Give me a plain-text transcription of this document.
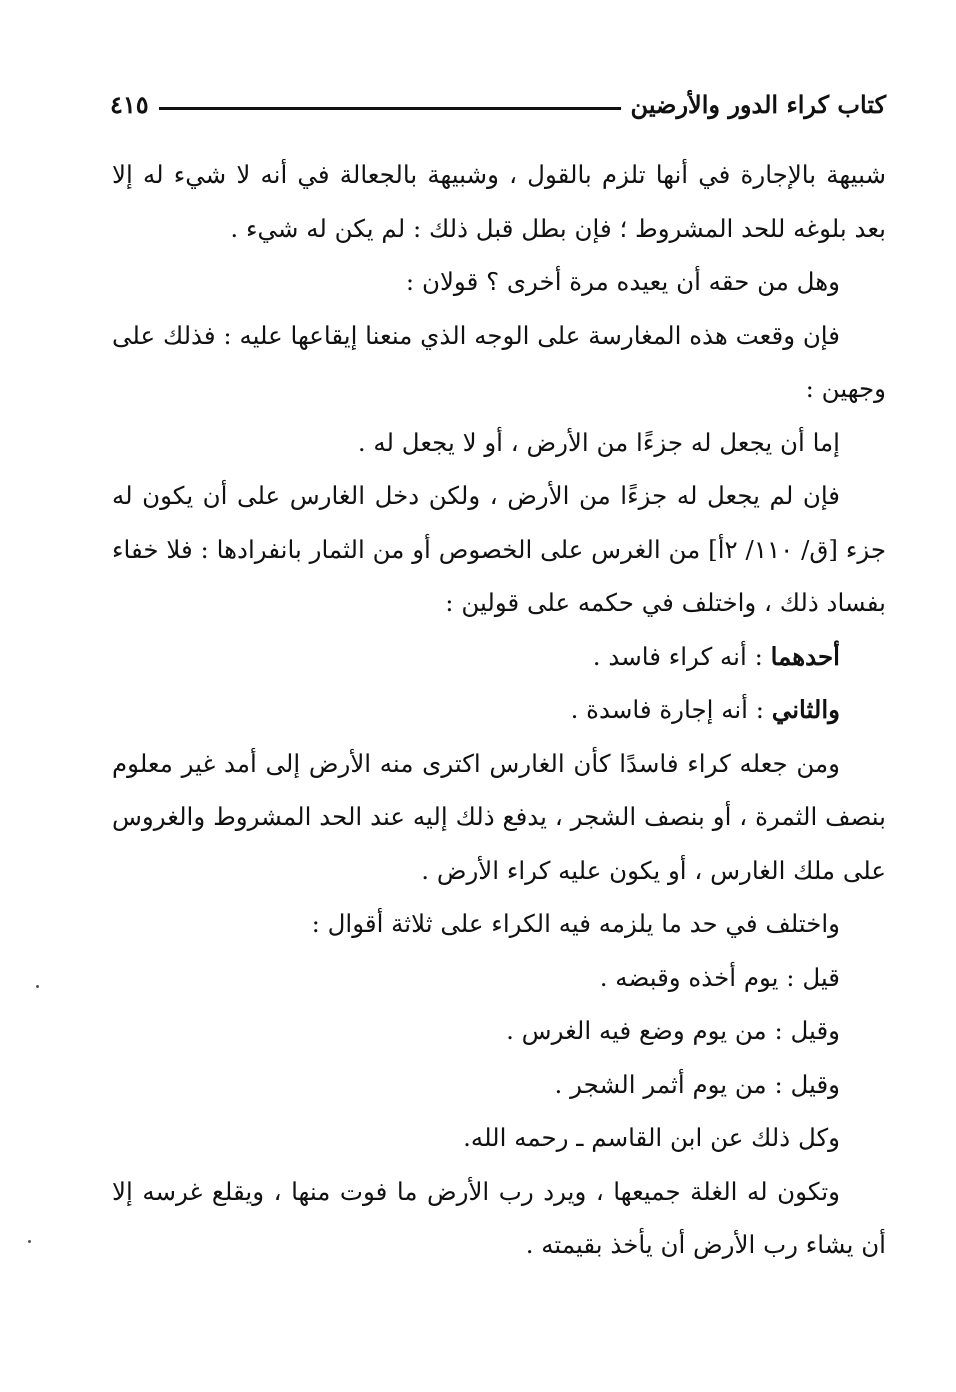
كتاب كراء الدور والأرضين
٤١٥

شبيهة بالإجارة في أنها تلزم بالقول ، وشبيهة بالجعالة في أنه لا شيء له إلا بعد بلوغه للحد المشروط ؛ فإن بطل قبل ذلك : لم يكن له شيء .

وهل من حقه أن يعيده مرة أخرى ؟ قولان :

فإن وقعت هذه المغارسة على الوجه الذي منعنا إيقاعها عليه : فذلك على وجهين :

إما أن يجعل له جزءًا من الأرض ، أو لا يجعل له .

فإن لم يجعل له جزءًا من الأرض ، ولكن دخل الغارس على أن يكون له جزء [ق/ ١١٠/ ٢أ] من الغرس على الخصوص أو من الثمار بانفرادها : فلا خفاء بفساد ذلك ، واختلف في حكمه على قولين :

أحدهما : أنه كراء فاسد .

والثاني : أنه إجارة فاسدة .

ومن جعله كراء فاسدًا كأن الغارس اكترى منه الأرض إلى أمد غير معلوم بنصف الثمرة ، أو بنصف الشجر ، يدفع ذلك إليه عند الحد المشروط والغروس على ملك الغارس ، أو يكون عليه كراء الأرض .

واختلف في حد ما يلزمه فيه الكراء على ثلاثة أقوال :

قيل : يوم أخذه وقبضه .

وقيل : من يوم وضع فيه الغرس .

وقيل : من يوم أثمر الشجر .

وكل ذلك عن ابن القاسم ـ رحمه الله.

وتكون له الغلة جميعها ، ويرد رب الأرض ما فوت منها ، ويقلع غرسه إلا أن يشاء رب الأرض أن يأخذ بقيمته .
